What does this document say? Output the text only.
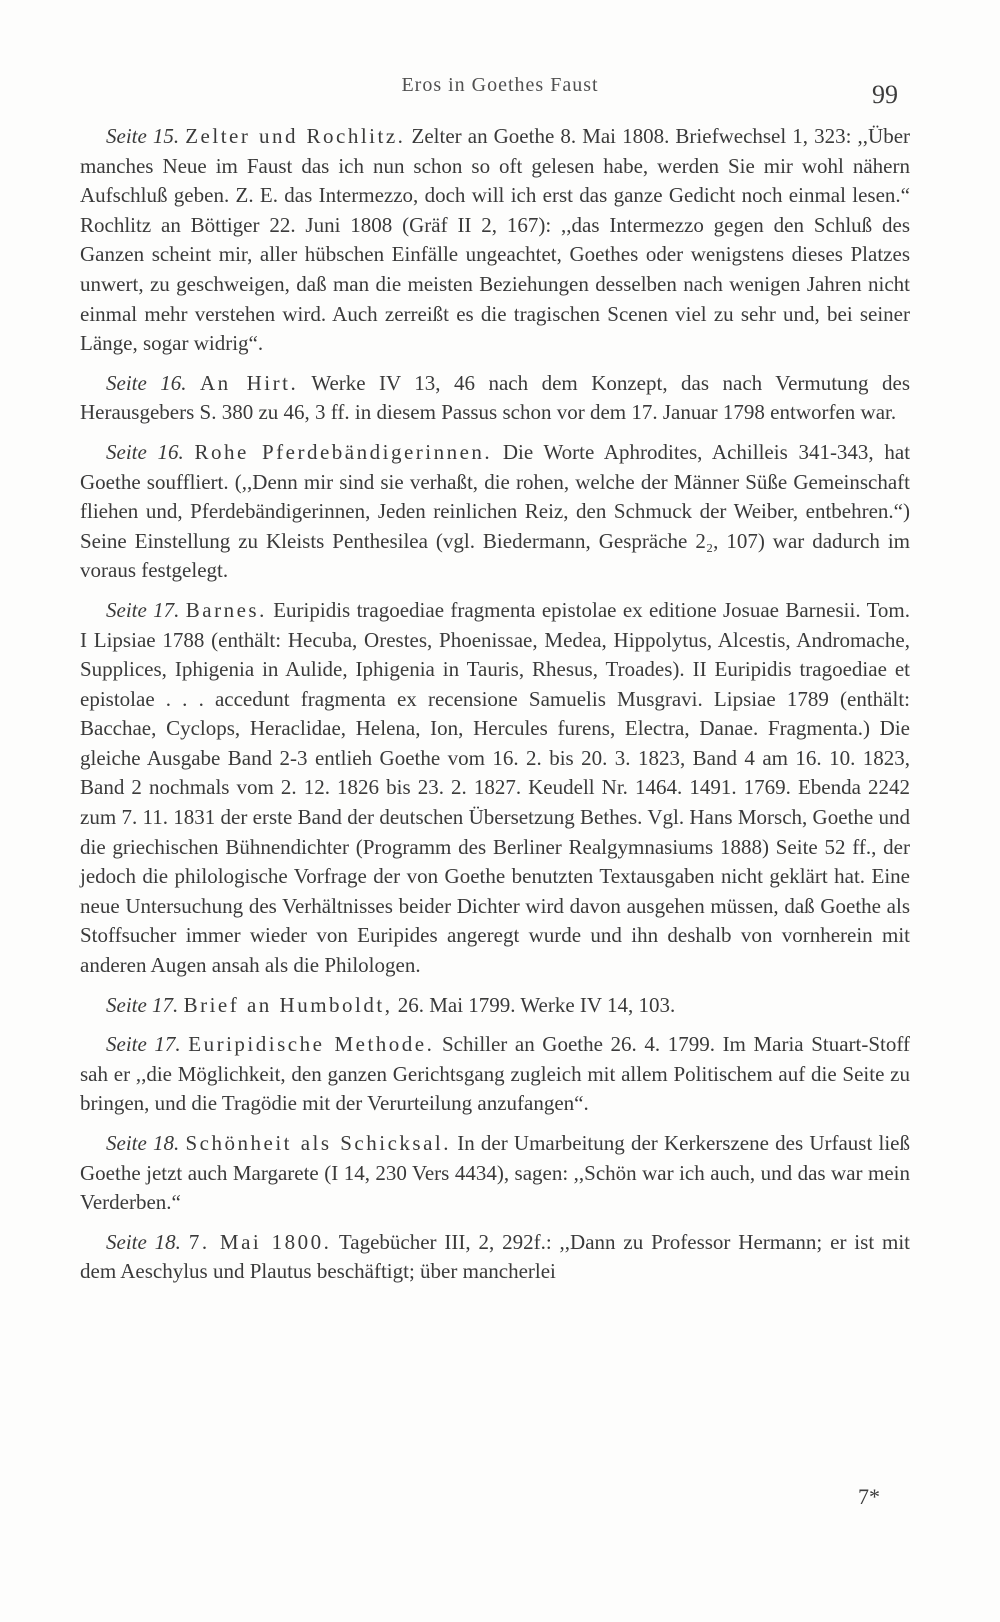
Eros in Goethes Faust	99

Seite 15. Zelter und Rochlitz. Zelter an Goethe 8. Mai 1808. Briefwechsel 1, 323: ,,Über manches Neue im Faust das ich nun schon so oft gelesen habe, werden Sie mir wohl nähern Aufschluß geben. Z. E. das Intermezzo, doch will ich erst das ganze Gedicht noch einmal lesen.“ Rochlitz an Böttiger 22. Juni 1808 (Gräf II 2, 167): ,,das Intermezzo gegen den Schluß des Ganzen scheint mir, aller hübschen Einfälle ungeachtet, Goethes oder wenigstens dieses Platzes unwert, zu geschweigen, daß man die meisten Beziehungen desselben nach wenigen Jahren nicht einmal mehr verstehen wird. Auch zerreißt es die tragischen Scenen viel zu sehr und, bei seiner Länge, sogar widrig“.

Seite 16. An Hirt. Werke IV 13, 46 nach dem Konzept, das nach Vermutung des Herausgebers S. 380 zu 46, 3 ff. in diesem Passus schon vor dem 17. Januar 1798 entworfen war.

Seite 16. Rohe Pferdebändigerinnen. Die Worte Aphrodites, Achilleis 341-343, hat Goethe souffliert. (,,Denn mir sind sie verhaßt, die rohen, welche der Männer Süße Gemeinschaft fliehen und, Pferdebändigerinnen, Jeden reinlichen Reiz, den Schmuck der Weiber, entbehren.“) Seine Einstellung zu Kleists Penthesilea (vgl. Biedermann, Gespräche 2₂, 107) war dadurch im voraus festgelegt.

Seite 17. Barnes. Euripidis tragoediae fragmenta epistolae ex editione Josuae Barnesii. Tom. I Lipsiae 1788 (enthält: Hecuba, Orestes, Phoenissae, Medea, Hippolytus, Alcestis, Andromache, Supplices, Iphigenia in Aulide, Iphigenia in Tauris, Rhesus, Troades). II Euripidis tragoediae et epistolae . . . accedunt fragmenta ex recensione Samuelis Musgravi. Lipsiae 1789 (enthält: Bacchae, Cyclops, Heraclidae, Helena, Ion, Hercules furens, Electra, Danae. Fragmenta.) Die gleiche Ausgabe Band 2-3 entlieh Goethe vom 16. 2. bis 20. 3. 1823, Band 4 am 16. 10. 1823, Band 2 nochmals vom 2. 12. 1826 bis 23. 2. 1827. Keudell Nr. 1464. 1491. 1769. Ebenda 2242 zum 7. 11. 1831 der erste Band der deutschen Übersetzung Bethes. Vgl. Hans Morsch, Goethe und die griechischen Bühnendichter (Programm des Berliner Realgymnasiums 1888) Seite 52 ff., der jedoch die philologische Vorfrage der von Goethe benutzten Textausgaben nicht geklärt hat. Eine neue Untersuchung des Verhältnisses beider Dichter wird davon ausgehen müssen, daß Goethe als Stoffsucher immer wieder von Euripides angeregt wurde und ihn deshalb von vornherein mit anderen Augen ansah als die Philologen.

Seite 17. Brief an Humboldt, 26. Mai 1799. Werke IV 14, 103.

Seite 17. Euripidische Methode. Schiller an Goethe 26. 4. 1799. Im Maria Stuart-Stoff sah er ,,die Möglichkeit, den ganzen Gerichtsgang zugleich mit allem Politischem auf die Seite zu bringen, und die Tragödie mit der Verurteilung anzufangen“.

Seite 18. Schönheit als Schicksal. In der Umarbeitung der Kerkerszene des Urfaust ließ Goethe jetzt auch Margarete (I 14, 230 Vers 4434), sagen: ,,Schön war ich auch, und das war mein Verderben.“

Seite 18. 7. Mai 1800. Tagebücher III, 2, 292f.: ,,Dann zu Professor Hermann; er ist mit dem Aeschylus und Plautus beschäftigt; über mancherlei

7*
